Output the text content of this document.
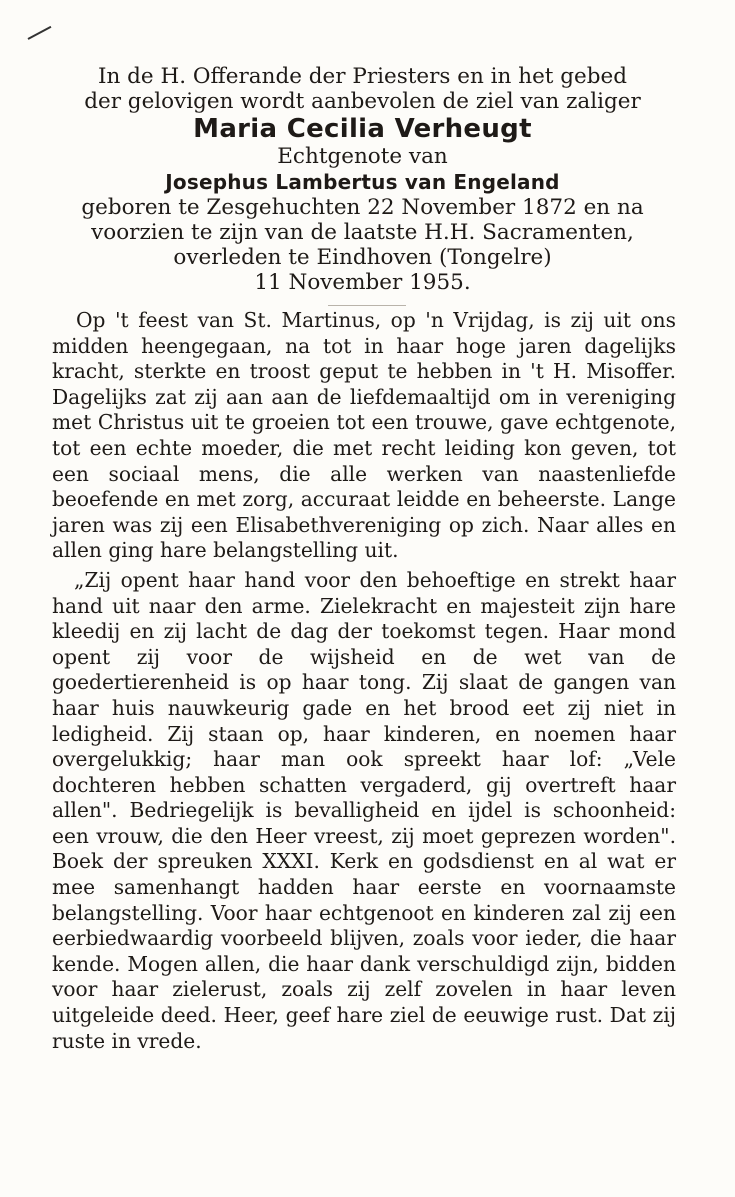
In de H. Offerande der Priesters en in het gebed
der gelovigen wordt aanbevolen de ziel van zaliger
Maria Cecilia Verheugt
Echtgenote van
Josephus Lambertus van Engeland
geboren te Zesgehuchten 22 November 1872 en na
voorzien te zijn van de laatste H.H. Sacramenten,
overleden te Eindhoven (Tongelre)
11 November 1955.

Op 't feest van St. Martinus, op 'n Vrijdag, is zij uit ons midden heengegaan, na tot in haar hoge jaren dagelijks kracht, sterkte en troost geput te hebben in 't H. Misoffer. Dagelijks zat zij aan aan de liefdemaaltijd om in vereniging met Christus uit te groeien tot een trouwe, gave echtgenote, tot een echte moeder, die met recht leiding kon geven, tot een sociaal mens, die alle werken van naastenliefde beoefende en met zorg, accuraat leidde en beheerste. Lange jaren was zij een Elisabethvereniging op zich. Naar alles en allen ging hare belangstelling uit.

„Zij opent haar hand voor den behoeftige en strekt haar hand uit naar den arme. Zielekracht en majesteit zijn hare kleedij en zij lacht de dag der toekomst tegen. Haar mond opent zij voor de wijsheid en de wet van de goedertierenheid is op haar tong. Zij slaat de gangen van haar huis nauwkeurig gade en het brood eet zij niet in ledigheid. Zij staan op, haar kinderen, en noemen haar overgelukkig; haar man ook spreekt haar lof: „Vele dochteren hebben schatten vergaderd, gij overtreft haar allen". Bedriegelijk is bevalligheid en ijdel is schoonheid: een vrouw, die den Heer vreest, zij moet geprezen worden". Boek der spreuken XXXI. Kerk en godsdienst en al wat er mee samenhangt hadden haar eerste en voornaamste belangstelling. Voor haar echtgenoot en kinderen zal zij een eerbiedwaardig voorbeeld blijven, zoals voor ieder, die haar kende. Mogen allen, die haar dank verschuldigd zijn, bidden voor haar zielerust, zoals zij zelf zovelen in haar leven uitgeleide deed. Heer, geef hare ziel de eeuwige rust. Dat zij ruste in vrede.
